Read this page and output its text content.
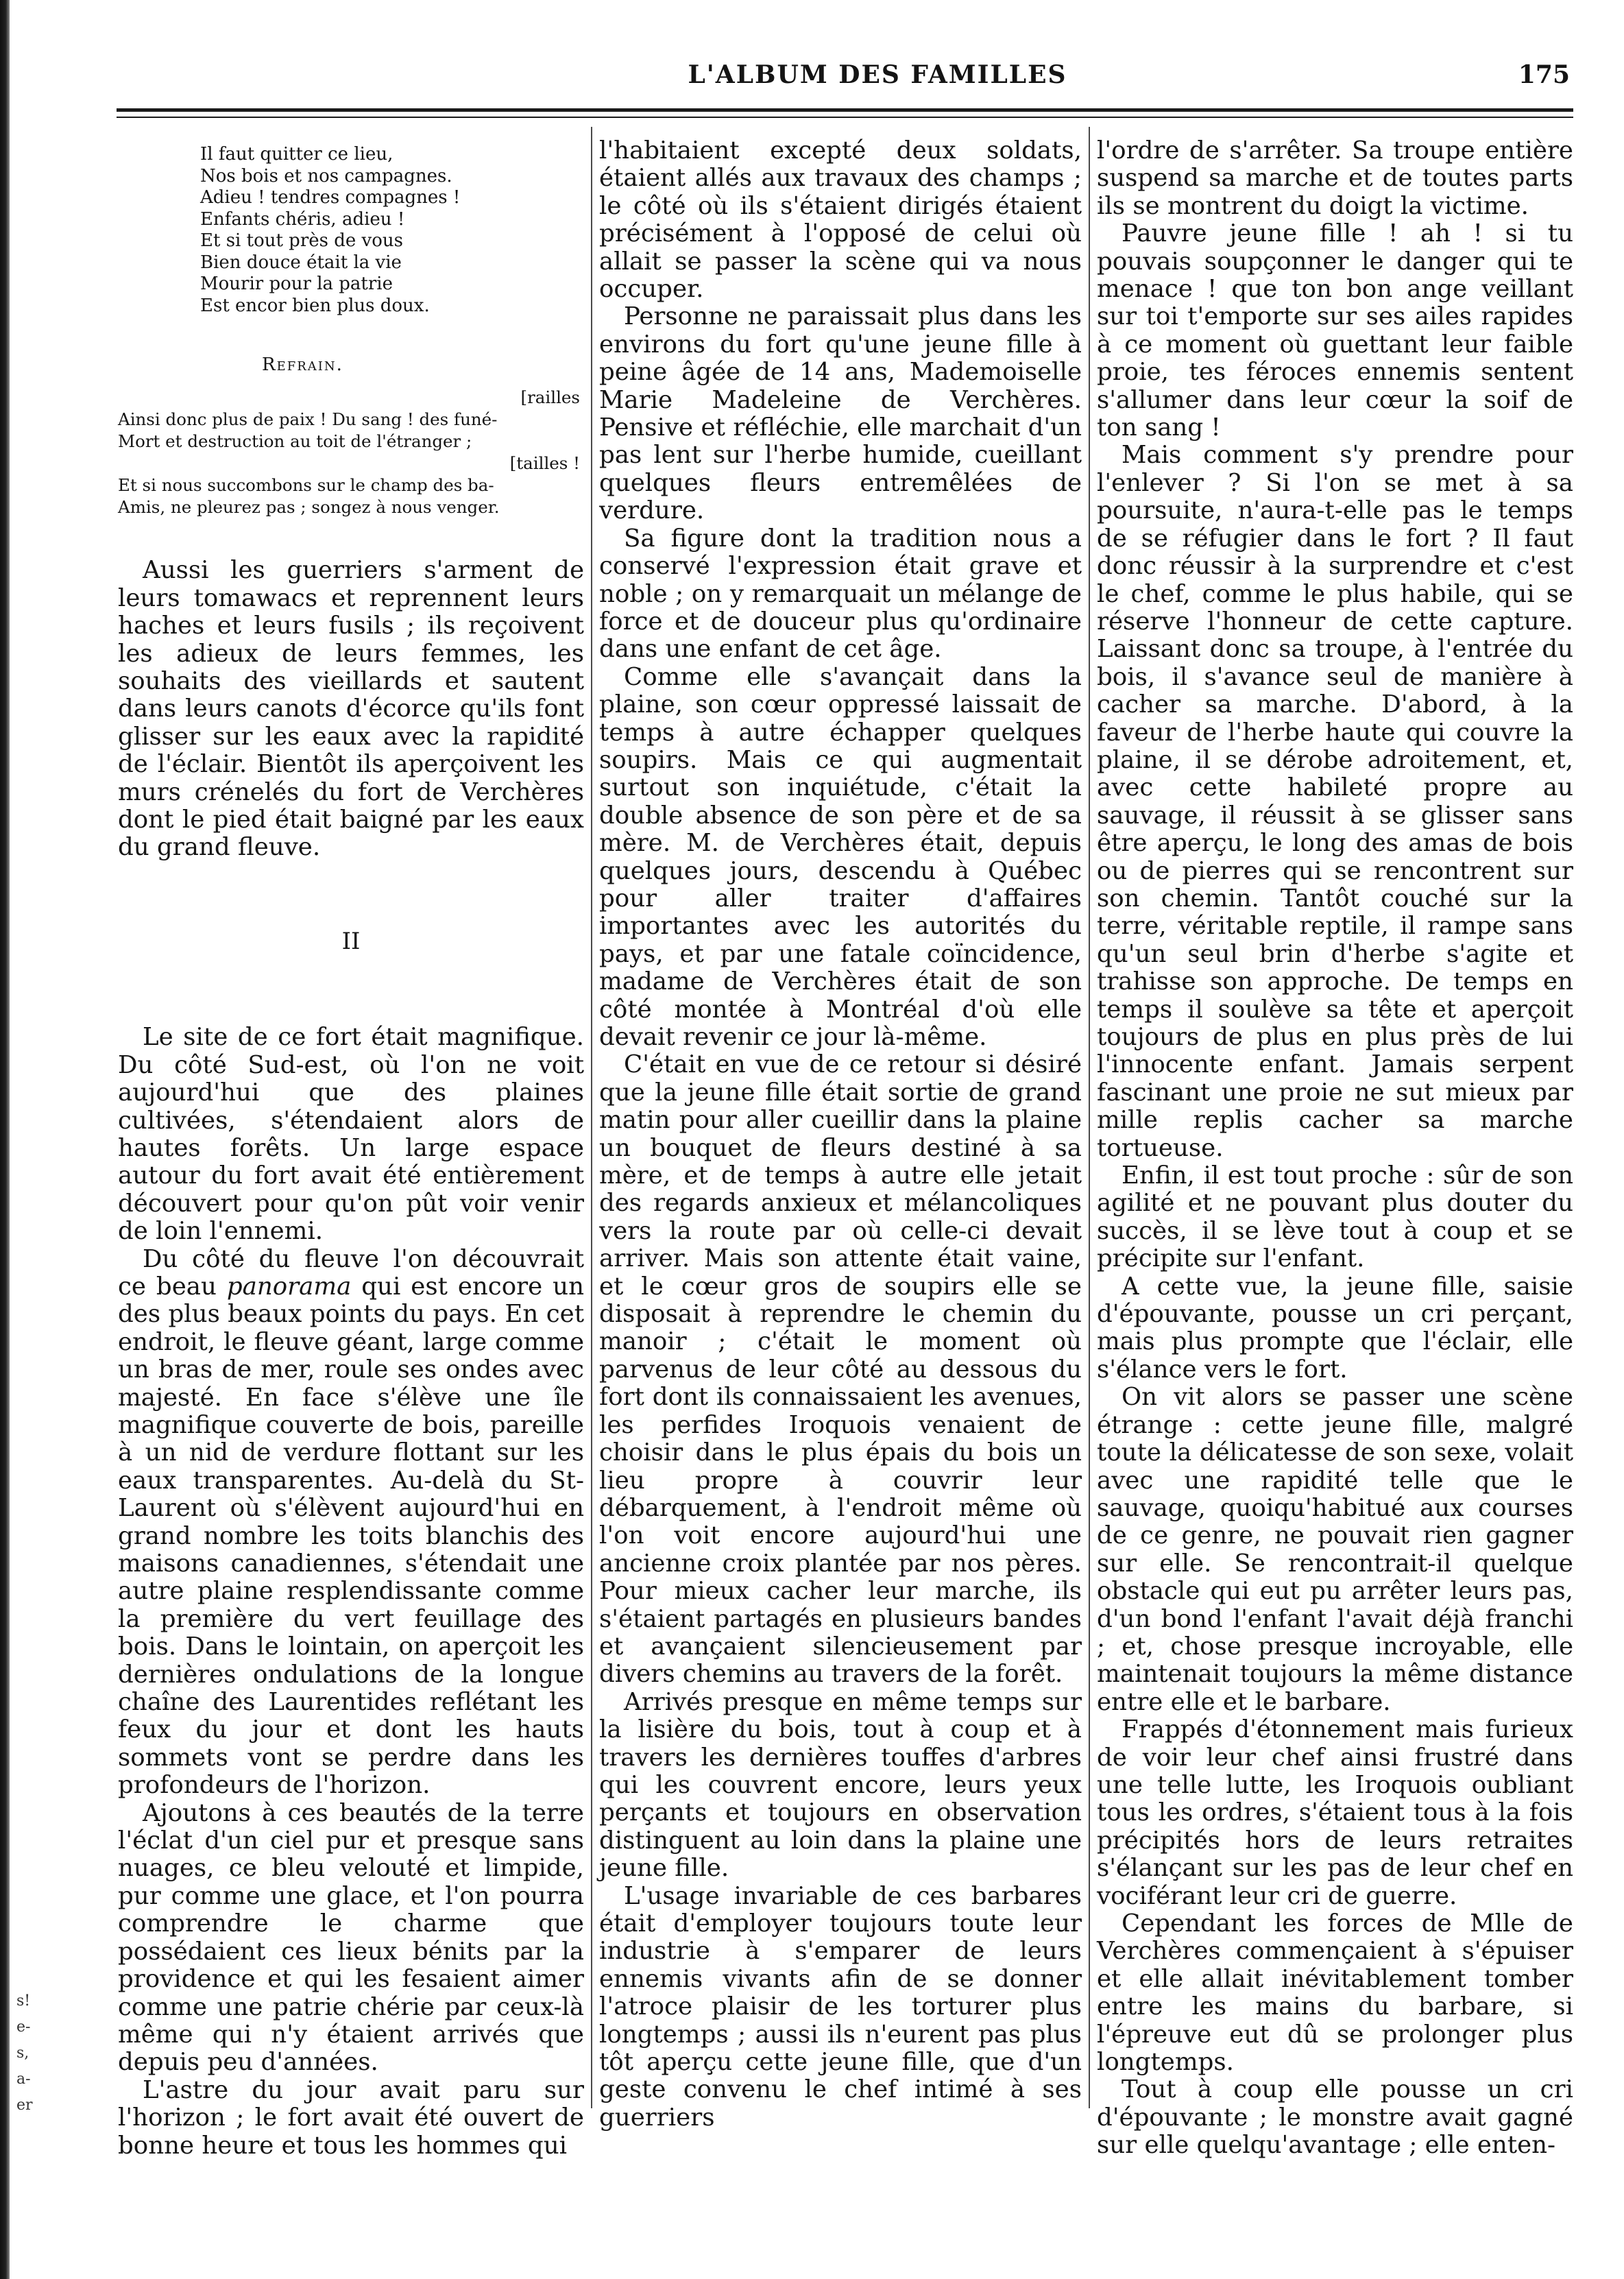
L'ALBUM DES FAMILLES	175
Il faut quitter ce lieu,
Nos bois et nos campagnes.
Adieu ! tendres compagnes !
Enfants chéris, adieu !
Et si tout près de vous
Bien douce était la vie
Mourir pour la patrie
Est encor bien plus doux.
Refrain.
[railles
Ainsi donc plus de paix ! Du sang ! des funé-
Mort et destruction au toit de l'étranger ;
[tailles !
Et si nous succombons sur le champ des ba-
Amis, ne pleurez pas ; songez à nous venger.

Aussi les guerriers s'arment de leurs tomawacs et reprennent leurs haches et leurs fusils ; ils reçoivent les adieux de leurs femmes, les souhaits des vieillards et sautent dans leurs canots d'écorce qu'ils font glisser sur les eaux avec la rapidité de l'éclair. Bientôt ils aperçoivent les murs crénelés du fort de Verchères dont le pied était baigné par les eaux du grand fleuve.

II

Le site de ce fort était magnifique. Du côté Sud-est, où l'on ne voit aujourd'hui que des plaines cultivées, s'étendaient alors de hautes forêts. Un large espace autour du fort avait été entièrement découvert pour qu'on pût voir venir de loin l'ennemi.

Du côté du fleuve l'on découvrait ce beau panorama qui est encore un des plus beaux points du pays. En cet endroit, le fleuve géant, large comme un bras de mer, roule ses ondes avec majesté. En face s'élève une île magnifique couverte de bois, pareille à un nid de verdure flottant sur les eaux transparentes. Au-delà du St-Laurent où s'élèvent aujourd'hui en grand nombre les toits blanchis des maisons canadiennes, s'étendait une autre plaine resplendissante comme la première du vert feuillage des bois. Dans le lointain, on aperçoit les dernières ondulations de la longue chaîne des Laurentides reflétant les feux du jour et dont les hauts sommets vont se perdre dans les profondeurs de l'horizon.

Ajoutons à ces beautés de la terre l'éclat d'un ciel pur et presque sans nuages, ce bleu velouté et limpide, pur comme une glace, et l'on pourra comprendre le charme que possédaient ces lieux bénits par la providence et qui les fesaient aimer comme une patrie chérie par ceux-là même qui n'y étaient arrivés que depuis peu d'années.

L'astre du jour avait paru sur l'horizon ; le fort avait été ouvert de bonne heure et tous les hommes qui

l'habitaient excepté deux soldats, étaient allés aux travaux des champs ; le côté où ils s'étaient dirigés étaient précisément à l'opposé de celui où allait se passer la scène qui va nous occuper.

Personne ne paraissait plus dans les environs du fort qu'une jeune fille à peine âgée de 14 ans, Mademoiselle Marie Madeleine de Verchères. Pensive et réfléchie, elle marchait d'un pas lent sur l'herbe humide, cueillant quelques fleurs entremêlées de verdure.

Sa figure dont la tradition nous a conservé l'expression était grave et noble ; on y remarquait un mélange de force et de douceur plus qu'ordinaire dans une enfant de cet âge.

Comme elle s'avançait dans la plaine, son cœur oppressé laissait de temps à autre échapper quelques soupirs. Mais ce qui augmentait surtout son inquiétude, c'était la double absence de son père et de sa mère. M. de Verchères était, depuis quelques jours, descendu à Québec pour aller traiter d'affaires importantes avec les autorités du pays, et par une fatale coïncidence, madame de Verchères était de son côté montée à Montréal d'où elle devait revenir ce jour là-même.

C'était en vue de ce retour si désiré que la jeune fille était sortie de grand matin pour aller cueillir dans la plaine un bouquet de fleurs destiné à sa mère, et de temps à autre elle jetait des regards anxieux et mélancoliques vers la route par où celle-ci devait arriver. Mais son attente était vaine, et le cœur gros de soupirs elle se disposait à reprendre le chemin du manoir ; c'était le moment où parvenus de leur côté au dessous du fort dont ils connaissaient les avenues, les perfides Iroquois venaient de choisir dans le plus épais du bois un lieu propre à couvrir leur débarquement, à l'endroit même où l'on voit encore aujourd'hui une ancienne croix plantée par nos pères. Pour mieux cacher leur marche, ils s'étaient partagés en plusieurs bandes et avançaient silencieusement par divers chemins au travers de la forêt.

Arrivés presque en même temps sur la lisière du bois, tout à coup et à travers les dernières touffes d'arbres qui les couvrent encore, leurs yeux perçants et toujours en observation distinguent au loin dans la plaine une jeune fille.

L'usage invariable de ces barbares était d'employer toujours toute leur industrie à s'emparer de leurs ennemis vivants afin de se donner l'atroce plaisir de les torturer plus longtemps ; aussi ils n'eurent pas plus tôt aperçu cette jeune fille, que d'un geste convenu le chef intimé à ses guerriers

l'ordre de s'arrêter. Sa troupe entière suspend sa marche et de toutes parts ils se montrent du doigt la victime.

Pauvre jeune fille ! ah ! si tu pouvais soupçonner le danger qui te menace ! que ton bon ange veillant sur toi t'emporte sur ses ailes rapides à ce moment où guettant leur faible proie, tes féroces ennemis sentent s'allumer dans leur cœur la soif de ton sang !

Mais comment s'y prendre pour l'enlever ? Si l'on se met à sa poursuite, n'aura-t-elle pas le temps de se réfugier dans le fort ? Il faut donc réussir à la surprendre et c'est le chef, comme le plus habile, qui se réserve l'honneur de cette capture. Laissant donc sa troupe, à l'entrée du bois, il s'avance seul de manière à cacher sa marche. D'abord, à la faveur de l'herbe haute qui couvre la plaine, il se dérobe adroitement, et, avec cette habileté propre au sauvage, il réussit à se glisser sans être aperçu, le long des amas de bois ou de pierres qui se rencontrent sur son chemin. Tantôt couché sur la terre, véritable reptile, il rampe sans qu'un seul brin d'herbe s'agite et trahisse son approche. De temps en temps il soulève sa tête et aperçoit toujours de plus en plus près de lui l'innocente enfant. Jamais serpent fascinant une proie ne sut mieux par mille replis cacher sa marche tortueuse.

Enfin, il est tout proche : sûr de son agilité et ne pouvant plus douter du succès, il se lève tout à coup et se précipite sur l'enfant.

A cette vue, la jeune fille, saisie d'épouvante, pousse un cri perçant, mais plus prompte que l'éclair, elle s'élance vers le fort.

On vit alors se passer une scène étrange : cette jeune fille, malgré toute la délicatesse de son sexe, volait avec une rapidité telle que le sauvage, quoiqu'habitué aux courses de ce genre, ne pouvait rien gagner sur elle. Se rencontrait-il quelque obstacle qui eut pu arrêter leurs pas, d'un bond l'enfant l'avait déjà franchi ; et, chose presque incroyable, elle maintenait toujours la même distance entre elle et le barbare.

Frappés d'étonnement mais furieux de voir leur chef ainsi frustré dans une telle lutte, les Iroquois oubliant tous les ordres, s'étaient tous à la fois précipités hors de leurs retraites s'élançant sur les pas de leur chef en vociférant leur cri de guerre.

Cependant les forces de Mlle de Verchères commençaient à s'épuiser et elle allait inévitablement tomber entre les mains du barbare, si l'épreuve eut dû se prolonger plus longtemps.

Tout à coup elle pousse un cri d'épouvante ; le monstre avait gagné sur elle quelqu'avantage ; elle enten-

s!
e-
s,
a-
er
